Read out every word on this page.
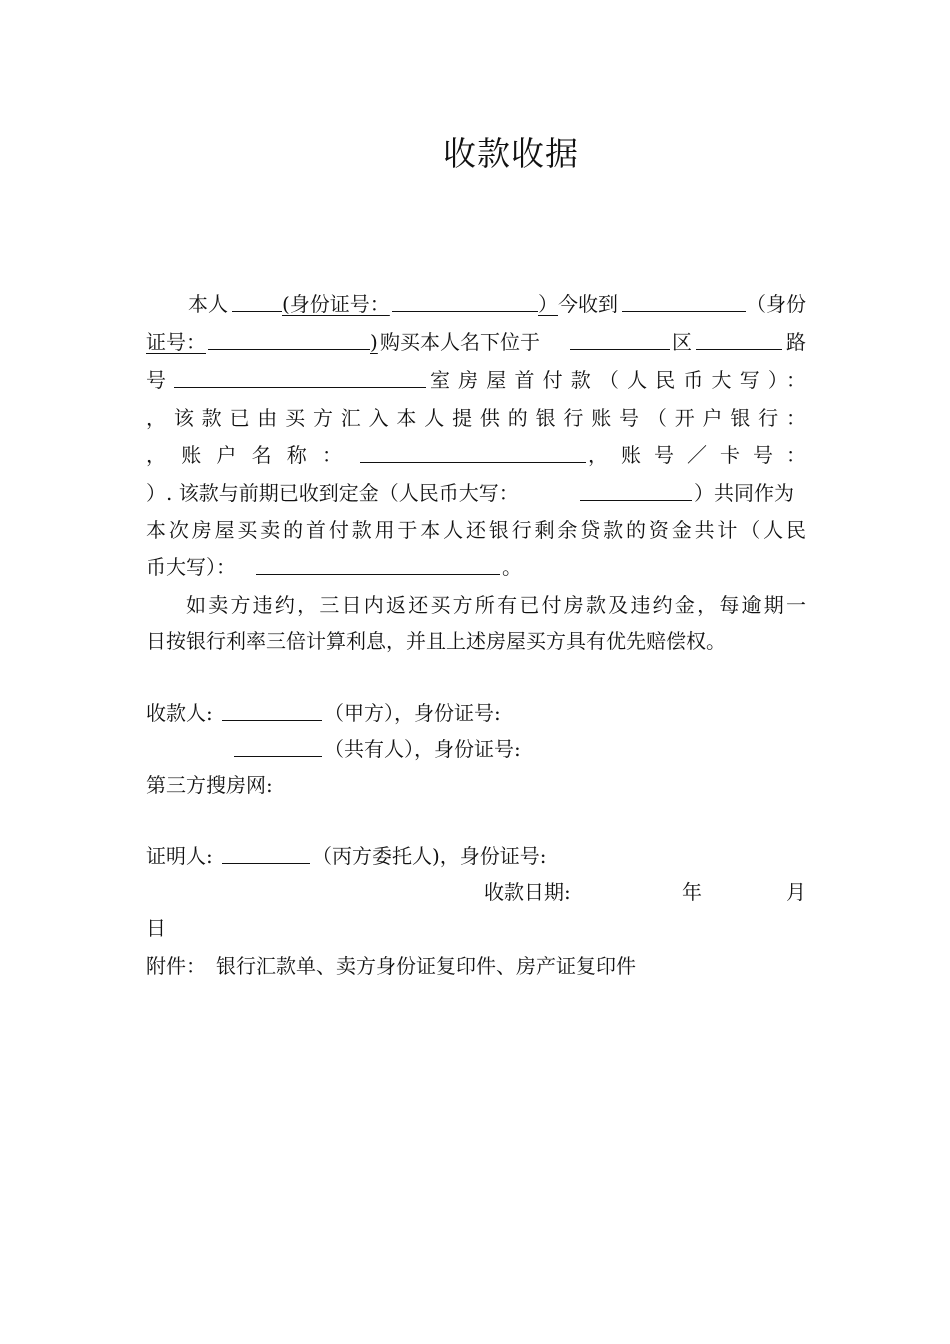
收款收据
本人	(身份证号：	） 今收到	（身份
证号：	) 购买本人名下位于	区	路
号	室房屋首付款（人民币大写）：
，该款已由买方汇入本人提供的银行账号（开户银行：
，账户名称：	，账号／卡号：
）. 该款与前期已收到定金（人民币大写：	）共同作为
本次房屋买卖的首付款用于本人还银行剩余贷款的资金共计（人民
币大写）：	。
如卖方违约，三日内返还买方所有已付房款及违约金，每逾期一
日按银行利率三倍计算利息，并且上述房屋买方具有优先赔偿权。
收款人:	（甲方），身份证号:
（共有人），身份证号:
第三方搜房网:
证明人:	（丙方委托人)，身份证号:
收款日期:	年	月
日
附件：　银行汇款单、卖方身份证复印件、房产证复印件
